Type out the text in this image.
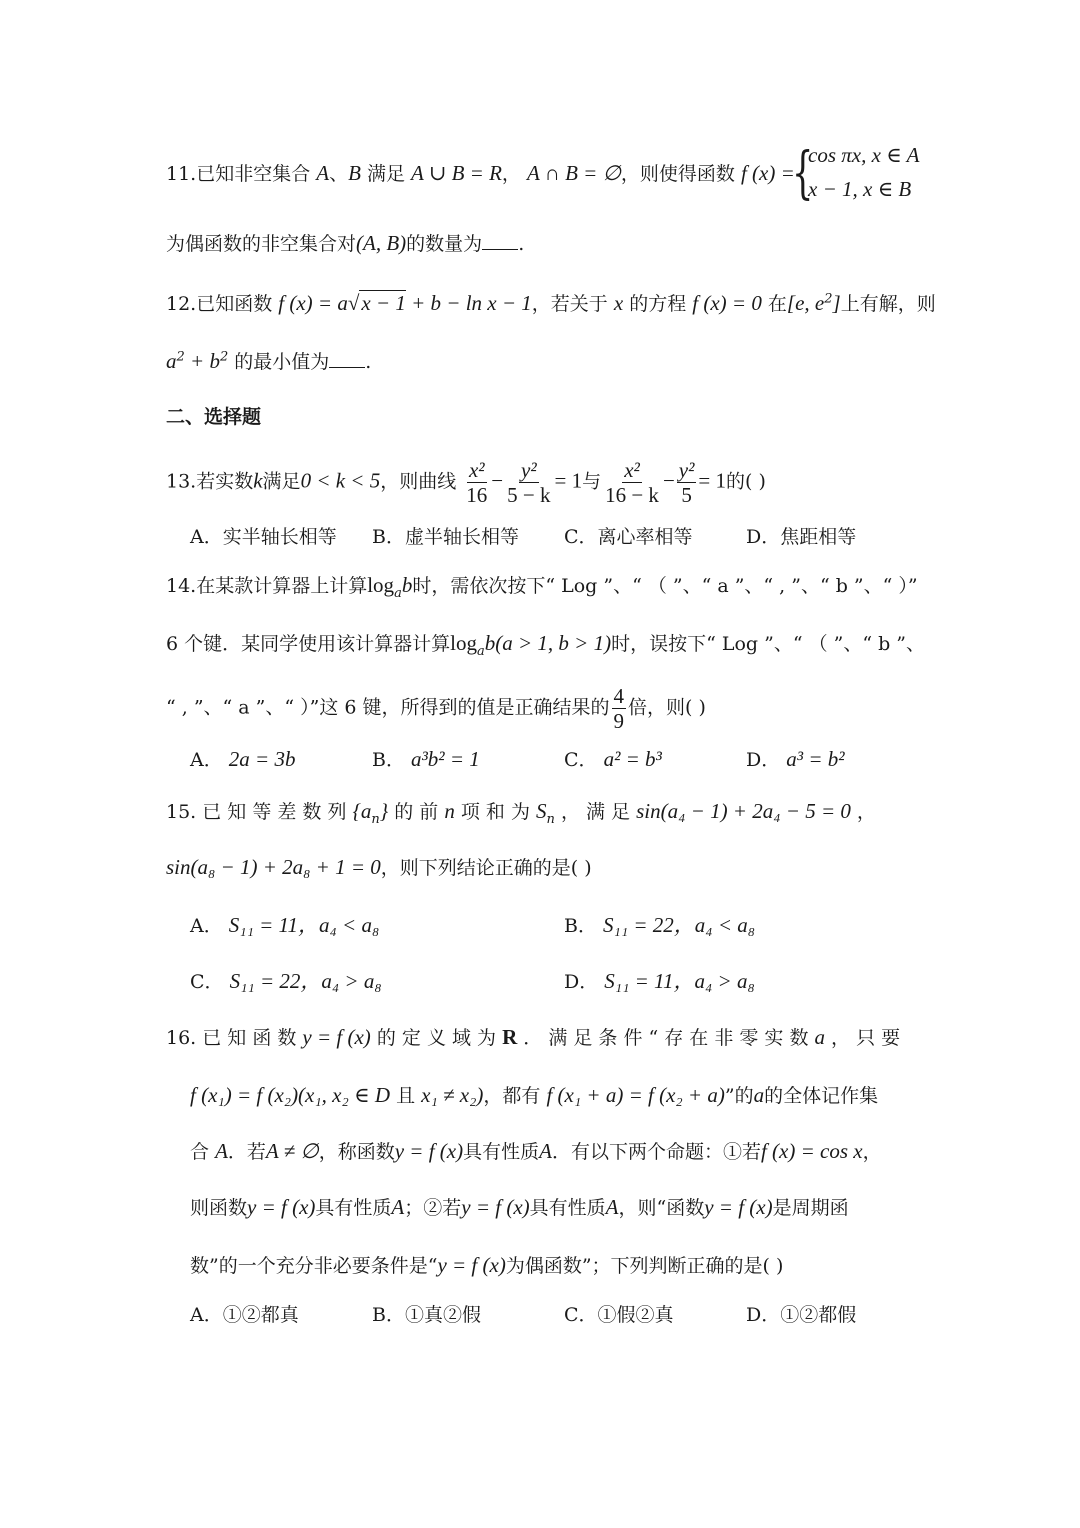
11.已知非空集合 A、B 满足 A ∪ B = R， A ∩ B = ∅，则使得函数 f (x) =
{
cos πx, x ∈ A
x − 1, x ∈ B
为偶函数的非空集合对(A, B)的数量为 .
12.已知函数 f (x) = a√x − 1 + b − ln x − 1，若关于 x 的方程 f (x) = 0 在[e, $e^2$]上有解，则
$a^2 + b^2$ 的最小值为 .
二、选择题
13.若实数k满足0 < k < 5，则曲线 $\frac{\text{x²}}{16} - \frac{\text{y²}}{5 - k} = 1$与 $\frac{\text{x²}}{16 - k} - \frac{\text{y²}}{5} = 1$的( )
A．实半轴长相等 B．虚半轴长相等 C．离心率相等	D．焦距相等
14.在某款计算器上计算$\log_ab$时，需依次按下“ Log ”、“ （ ”、“ a ”、“ , ”、“ b ”、“ ）”
6 个键．某同学使用该计算器计算$\log_ab(a > 1$, b > 1)时，误按下“ Log ”、“ （ ”、“ b ”、
“ , ”、“ a ”、“ ）”这 6 键，所得到的值是正确结果的 $\frac{4}{9}$ 倍，则( )
A． 2a = 3b	B． a³b² = 1	C． a² = b³	D． a³ = b²
15. 已 知 等 差 数 列 $\{a_n\}$ 的 前 n 项 和 为 $S_n$ ， 满 足 sin(a₄ − 1) + 2a₄ − 5 = 0 ，
sin(a₈ − 1) + 2a₈ + 1 = 0，则下列结论正确的是( )
A． S₁₁ = 11，a₄ < a₈	B． S₁₁ = 22，a₄ < a₈
C． S₁₁ = 22，a₄ > a₈	D． S₁₁ = 11，a₄ > a₈
16. 已 知 函 数 y = f (x) 的 定 义 域 为 R ． 满 足 条 件 “ 存 在 非 零 实 数 a ， 只 要
f (x₁) = f (x₂)(x₁, x₂ ∈ D 且 x₁ ≠ x₂)，都有 f (x₁ + a) = f (x₂ + a)”的a的全体记作集
合 A．若A ≠ ∅，称函数y = f (x)具有性质A．有以下两个命题：①若f (x) = cos x，
则函数y = f (x)具有性质A；②若y = f (x)具有性质A，则“函数y = f (x)是周期函
数”的一个充分非必要条件是“y = f (x)为偶函数”；下列判断正确的是( )
A．①②都真	B．①真②假	C．①假②真	D．①②都假
